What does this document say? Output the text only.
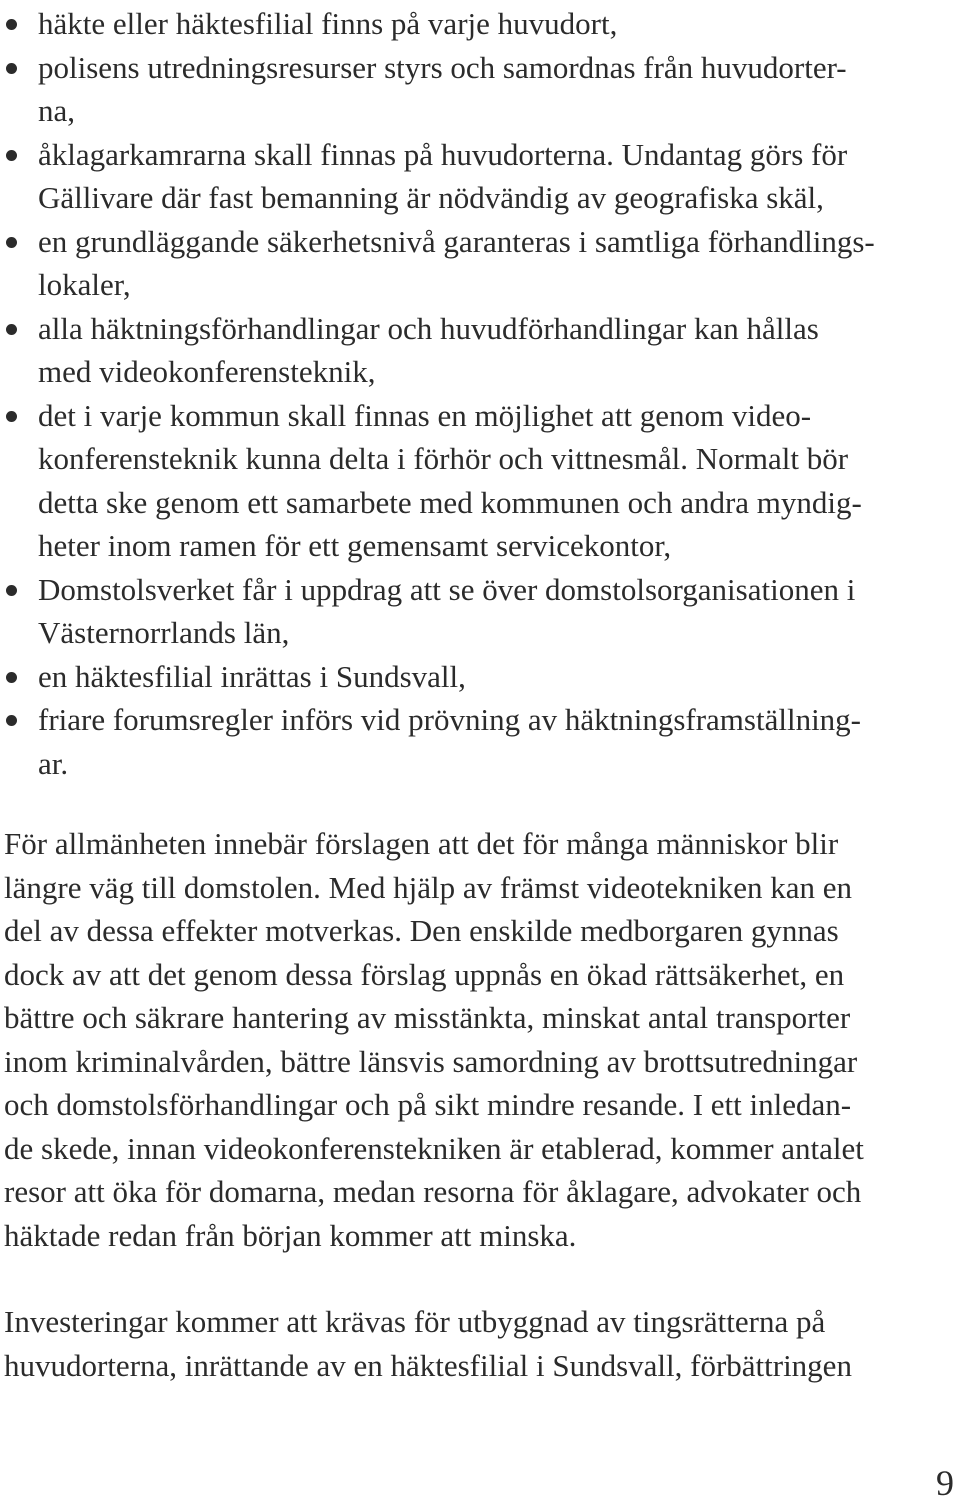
häkte eller häktesfilial finns på varje huvudort,
polisens utredningsresurser styrs och samordnas från huvudorter-
na,
åklagarkamrarna skall finnas på huvudorterna. Undantag görs för
Gällivare där fast bemanning är nödvändig av geografiska skäl,
en grundläggande säkerhetsnivå garanteras i samtliga förhandlings-
lokaler,
alla häktningsförhandlingar och huvudförhandlingar kan hållas
med videokonferensteknik,
det i varje kommun skall finnas en möjlighet att genom video-
konferensteknik kunna delta i förhör och vittnesmål. Normalt bör
detta ske genom ett samarbete med kommunen och andra myndig-
heter inom ramen för ett gemensamt servicekontor,
Domstolsverket får i uppdrag att se över domstolsorganisationen i
Västernorrlands län,
en häktesfilial inrättas i Sundsvall,
friare forumsregler införs vid prövning av häktningsframställning-
ar.
För allmänheten innebär förslagen att det för många människor blir
längre väg till domstolen. Med hjälp av främst videotekniken kan en
del av dessa effekter motverkas. Den enskilde medborgaren gynnas
dock av att det genom dessa förslag uppnås en ökad rättsäkerhet, en
bättre och säkrare hantering av misstänkta, minskat antal transporter
inom kriminalvården, bättre länsvis samordning av brottsutredningar
och domstolsförhandlingar och på sikt mindre resande. I ett inledan-
de skede, innan videokonferenstekniken är etablerad, kommer antalet
resor att öka för domarna, medan resorna för åklagare, advokater och
häktade redan från början kommer att minska.
Investeringar kommer att krävas för utbyggnad av tingsrätterna på
huvudorterna, inrättande av en häktesfilial i Sundsvall, förbättringen
9
